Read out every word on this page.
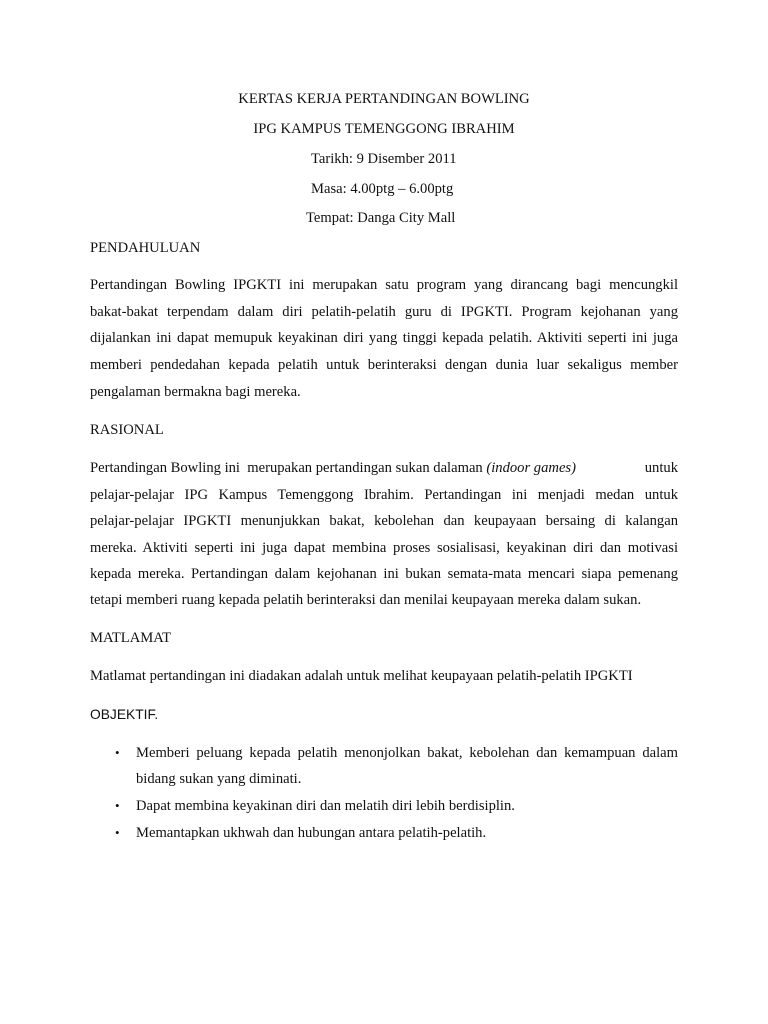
KERTAS KERJA PERTANDINGAN BOWLING
IPG KAMPUS TEMENGGONG IBRAHIM
Tarikh: 9 Disember 2011
Masa: 4.00ptg – 6.00ptg
Tempat: Danga City Mall
PENDAHULUAN
Pertandingan Bowling IPGKTI ini merupakan satu program yang dirancang bagi mencungkil
bakat-bakat terpendam dalam diri pelatih-pelatih guru di IPGKTI. Program kejohanan yang
dijalankan ini dapat memupuk keyakinan diri yang tinggi kepada pelatih. Aktiviti seperti ini juga
memberi pendedahan kepada pelatih untuk berinteraksi dengan dunia luar sekaligus member
pengalaman bermakna bagi mereka.
RASIONAL
Pertandingan Bowling ini  merupakan pertandingan sukan dalaman (indoor games)	untuk
pelajar-pelajar IPG Kampus Temenggong Ibrahim. Pertandingan ini menjadi medan untuk
pelajar-pelajar IPGKTI menunjukkan bakat, kebolehan dan keupayaan bersaing di kalangan
mereka. Aktiviti seperti ini juga dapat membina proses sosialisasi, keyakinan diri dan motivasi
kepada mereka. Pertandingan dalam kejohanan ini bukan semata-mata mencari siapa pemenang
tetapi memberi ruang kepada pelatih berinteraksi dan menilai keupayaan mereka dalam sukan.
MATLAMAT
Matlamat pertandingan ini diadakan adalah untuk melihat keupayaan pelatih-pelatih IPGKTI
OBJEKTIF.
• Memberi peluang kepada pelatih menonjolkan bakat, kebolehan dan kemampuan dalam
bidang sukan yang diminati.
• Dapat membina keyakinan diri dan melatih diri lebih berdisiplin.
• Memantapkan ukhwah dan hubungan antara pelatih-pelatih.
